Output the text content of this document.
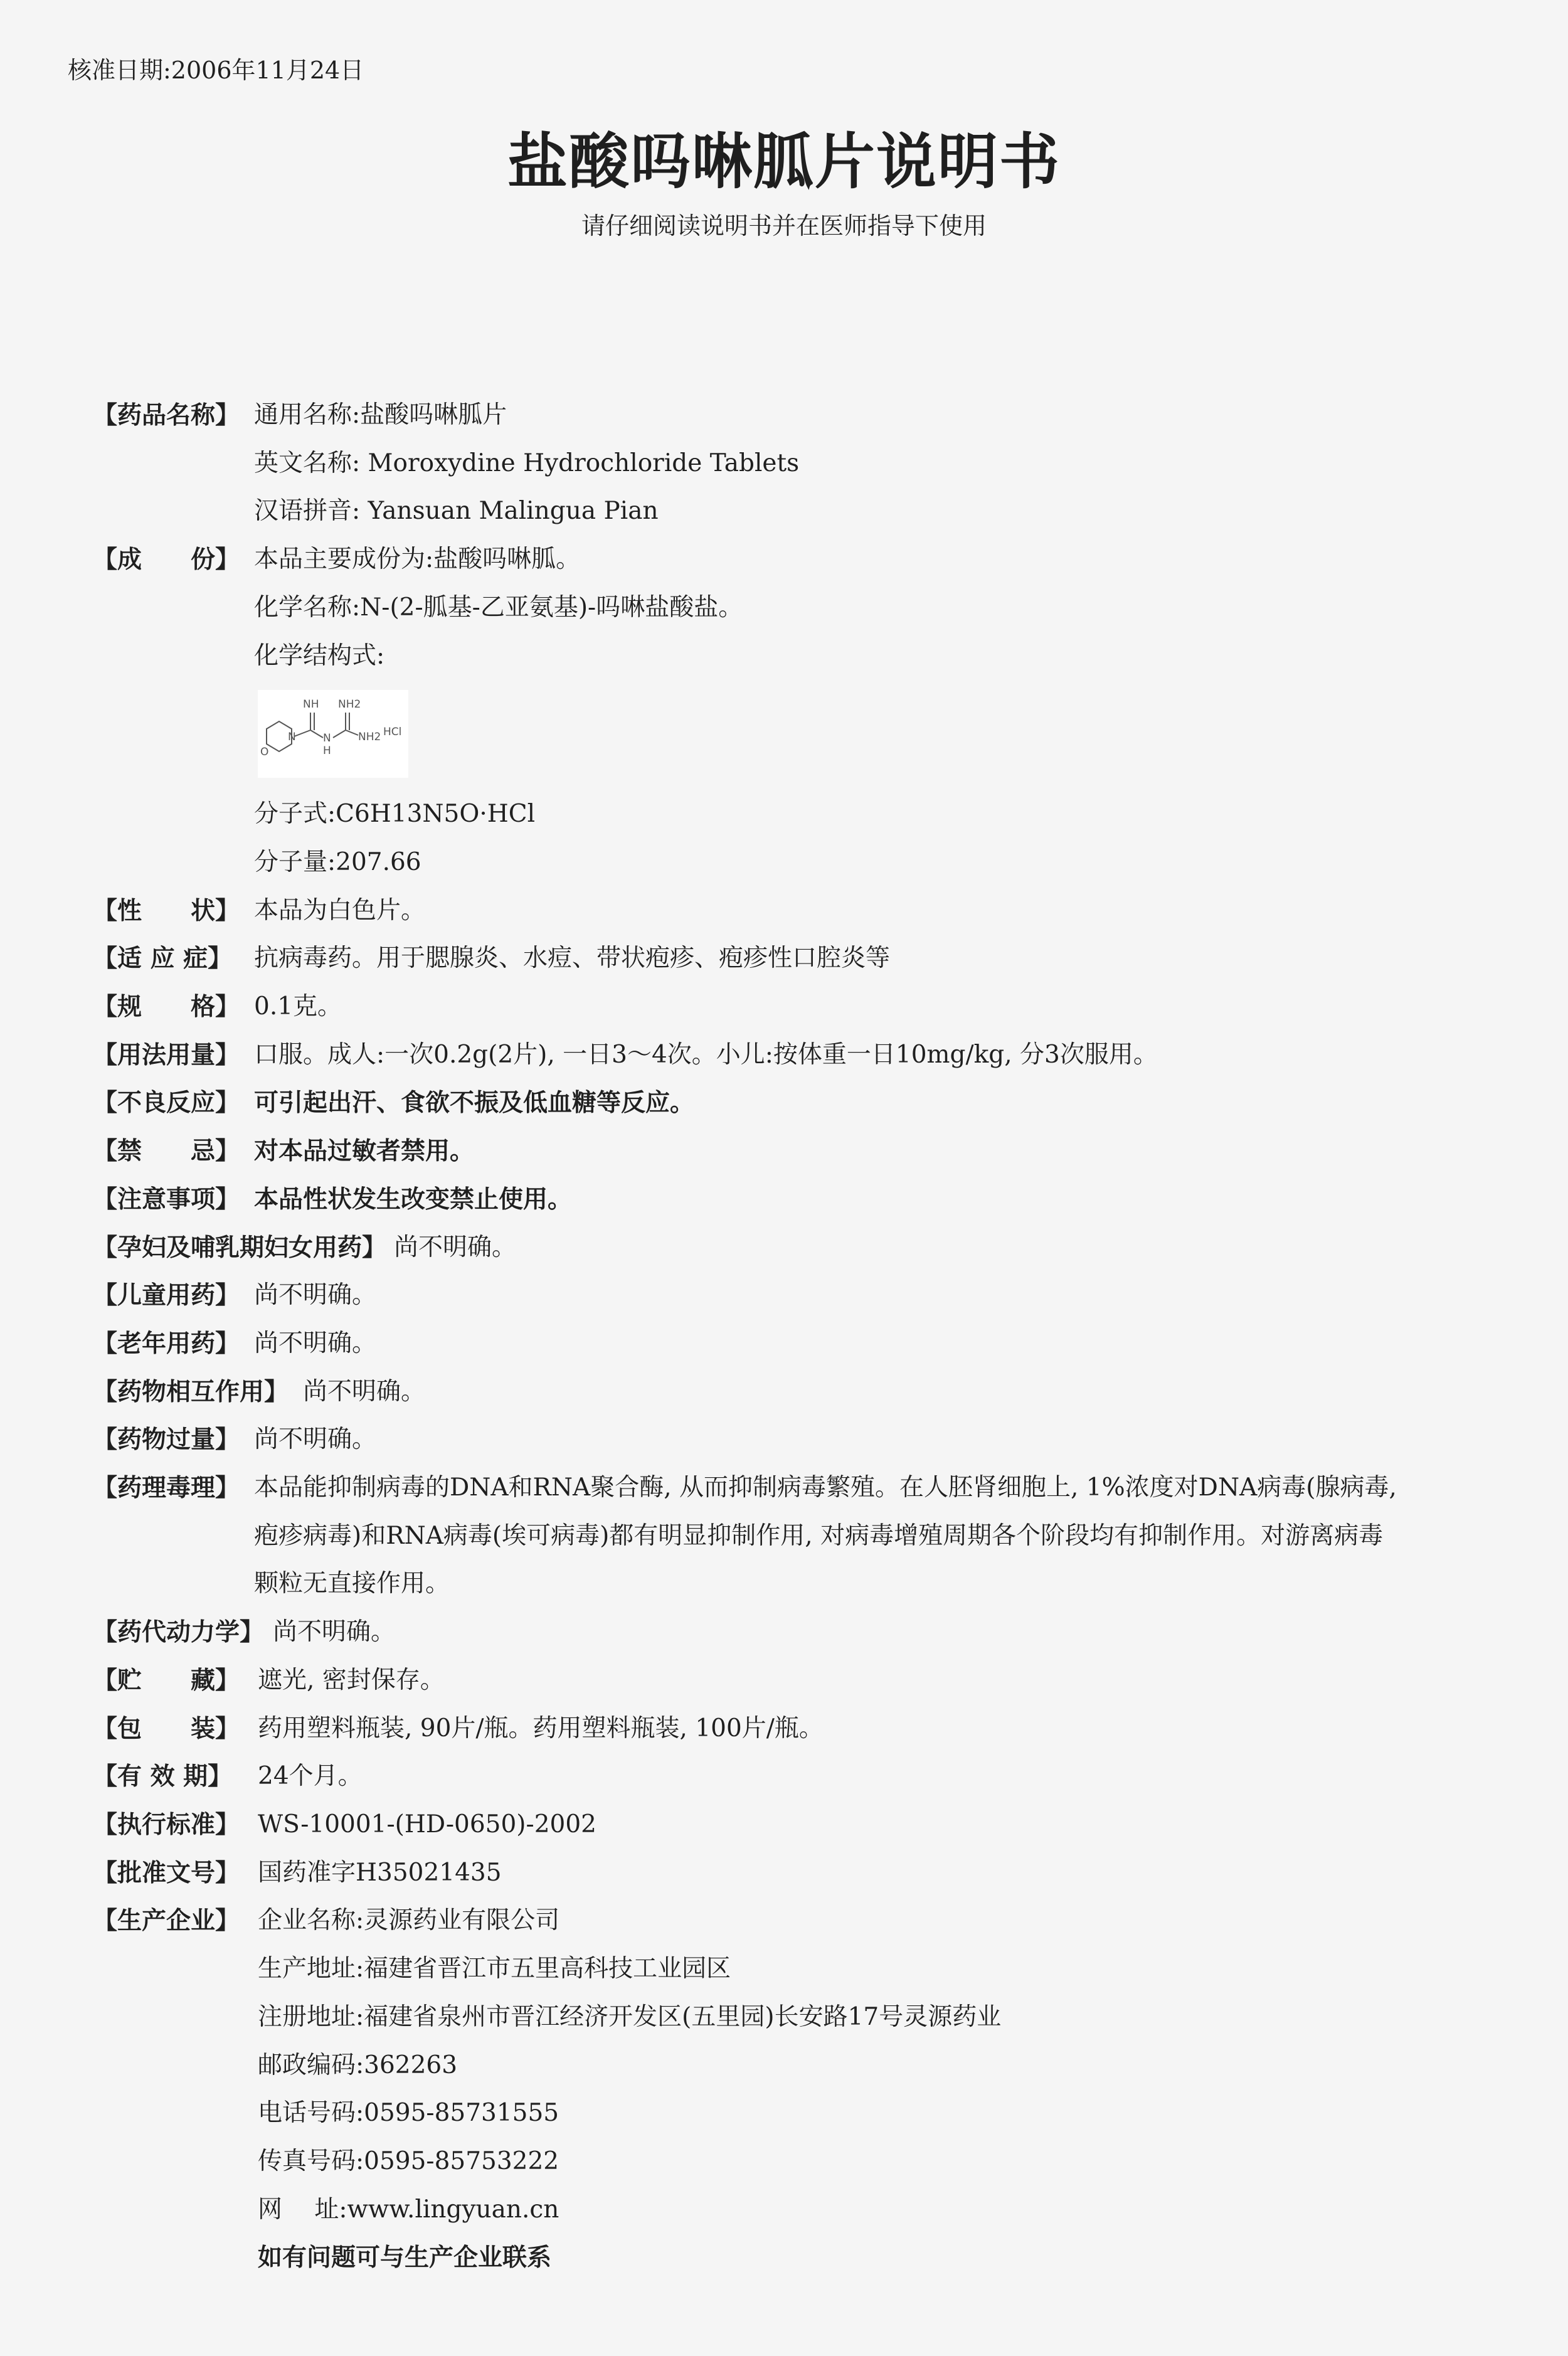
核准日期:2006年11月24日
盐酸吗啉胍片说明书
请仔细阅读说明书并在医师指导下使用
【药品名称】 通用名称:盐酸吗啉胍片
英文名称: Moroxydine Hydrochloride Tablets
汉语拼音: Yansuan Malingua Pian
【成　　份】 本品主要成份为:盐酸吗啉胍。
化学名称:N-(2-胍基-乙亚氨基)-吗啉盐酸盐。
化学结构式:
NH NH2
N	N
H
O
NH2 HCl
分子式:C6H13N5O·HCl
分子量:207.66
【性　　状】 本品为白色片。
【适 应 症】 抗病毒药。用于腮腺炎、水痘、带状疱疹、疱疹性口腔炎等
【规　　格】 0.1克。
【用法用量】 口服。成人:一次0.2g(2片), 一日3～4次。小儿:按体重一日10mg/kg, 分3次服用。
【不良反应】 可引起出汗、食欲不振及低血糖等反应。
【禁　　忌】 对本品过敏者禁用。
【注意事项】 本品性状发生改变禁止使用。
【孕妇及哺乳期妇女用药】 尚不明确。
【儿童用药】 尚不明确。
【老年用药】 尚不明确。
【药物相互作用】 尚不明确。
【药物过量】 尚不明确。
【药理毒理】 本品能抑制病毒的DNA和RNA聚合酶, 从而抑制病毒繁殖。在人胚肾细胞上, 1%浓度对DNA病毒(腺病毒,
疱疹病毒)和RNA病毒(埃可病毒)都有明显抑制作用, 对病毒增殖周期各个阶段均有抑制作用。对游离病毒
颗粒无直接作用。
【药代动力学】 尚不明确。
【贮　　藏】 遮光, 密封保存。
【包　　装】 药用塑料瓶装, 90片/瓶。药用塑料瓶装, 100片/瓶。
【有 效 期】 24个月。
【执行标准】 WS-10001-(HD-0650)-2002
【批准文号】 国药准字H35021435
【生产企业】 企业名称:灵源药业有限公司
生产地址:福建省晋江市五里高科技工业园区
注册地址:福建省泉州市晋江经济开发区(五里园)长安路17号灵源药业
邮政编码:362263
电话号码:0595-85731555
传真号码:0595-85753222
网　 址:www.lingyuan.cn
如有问题可与生产企业联系
